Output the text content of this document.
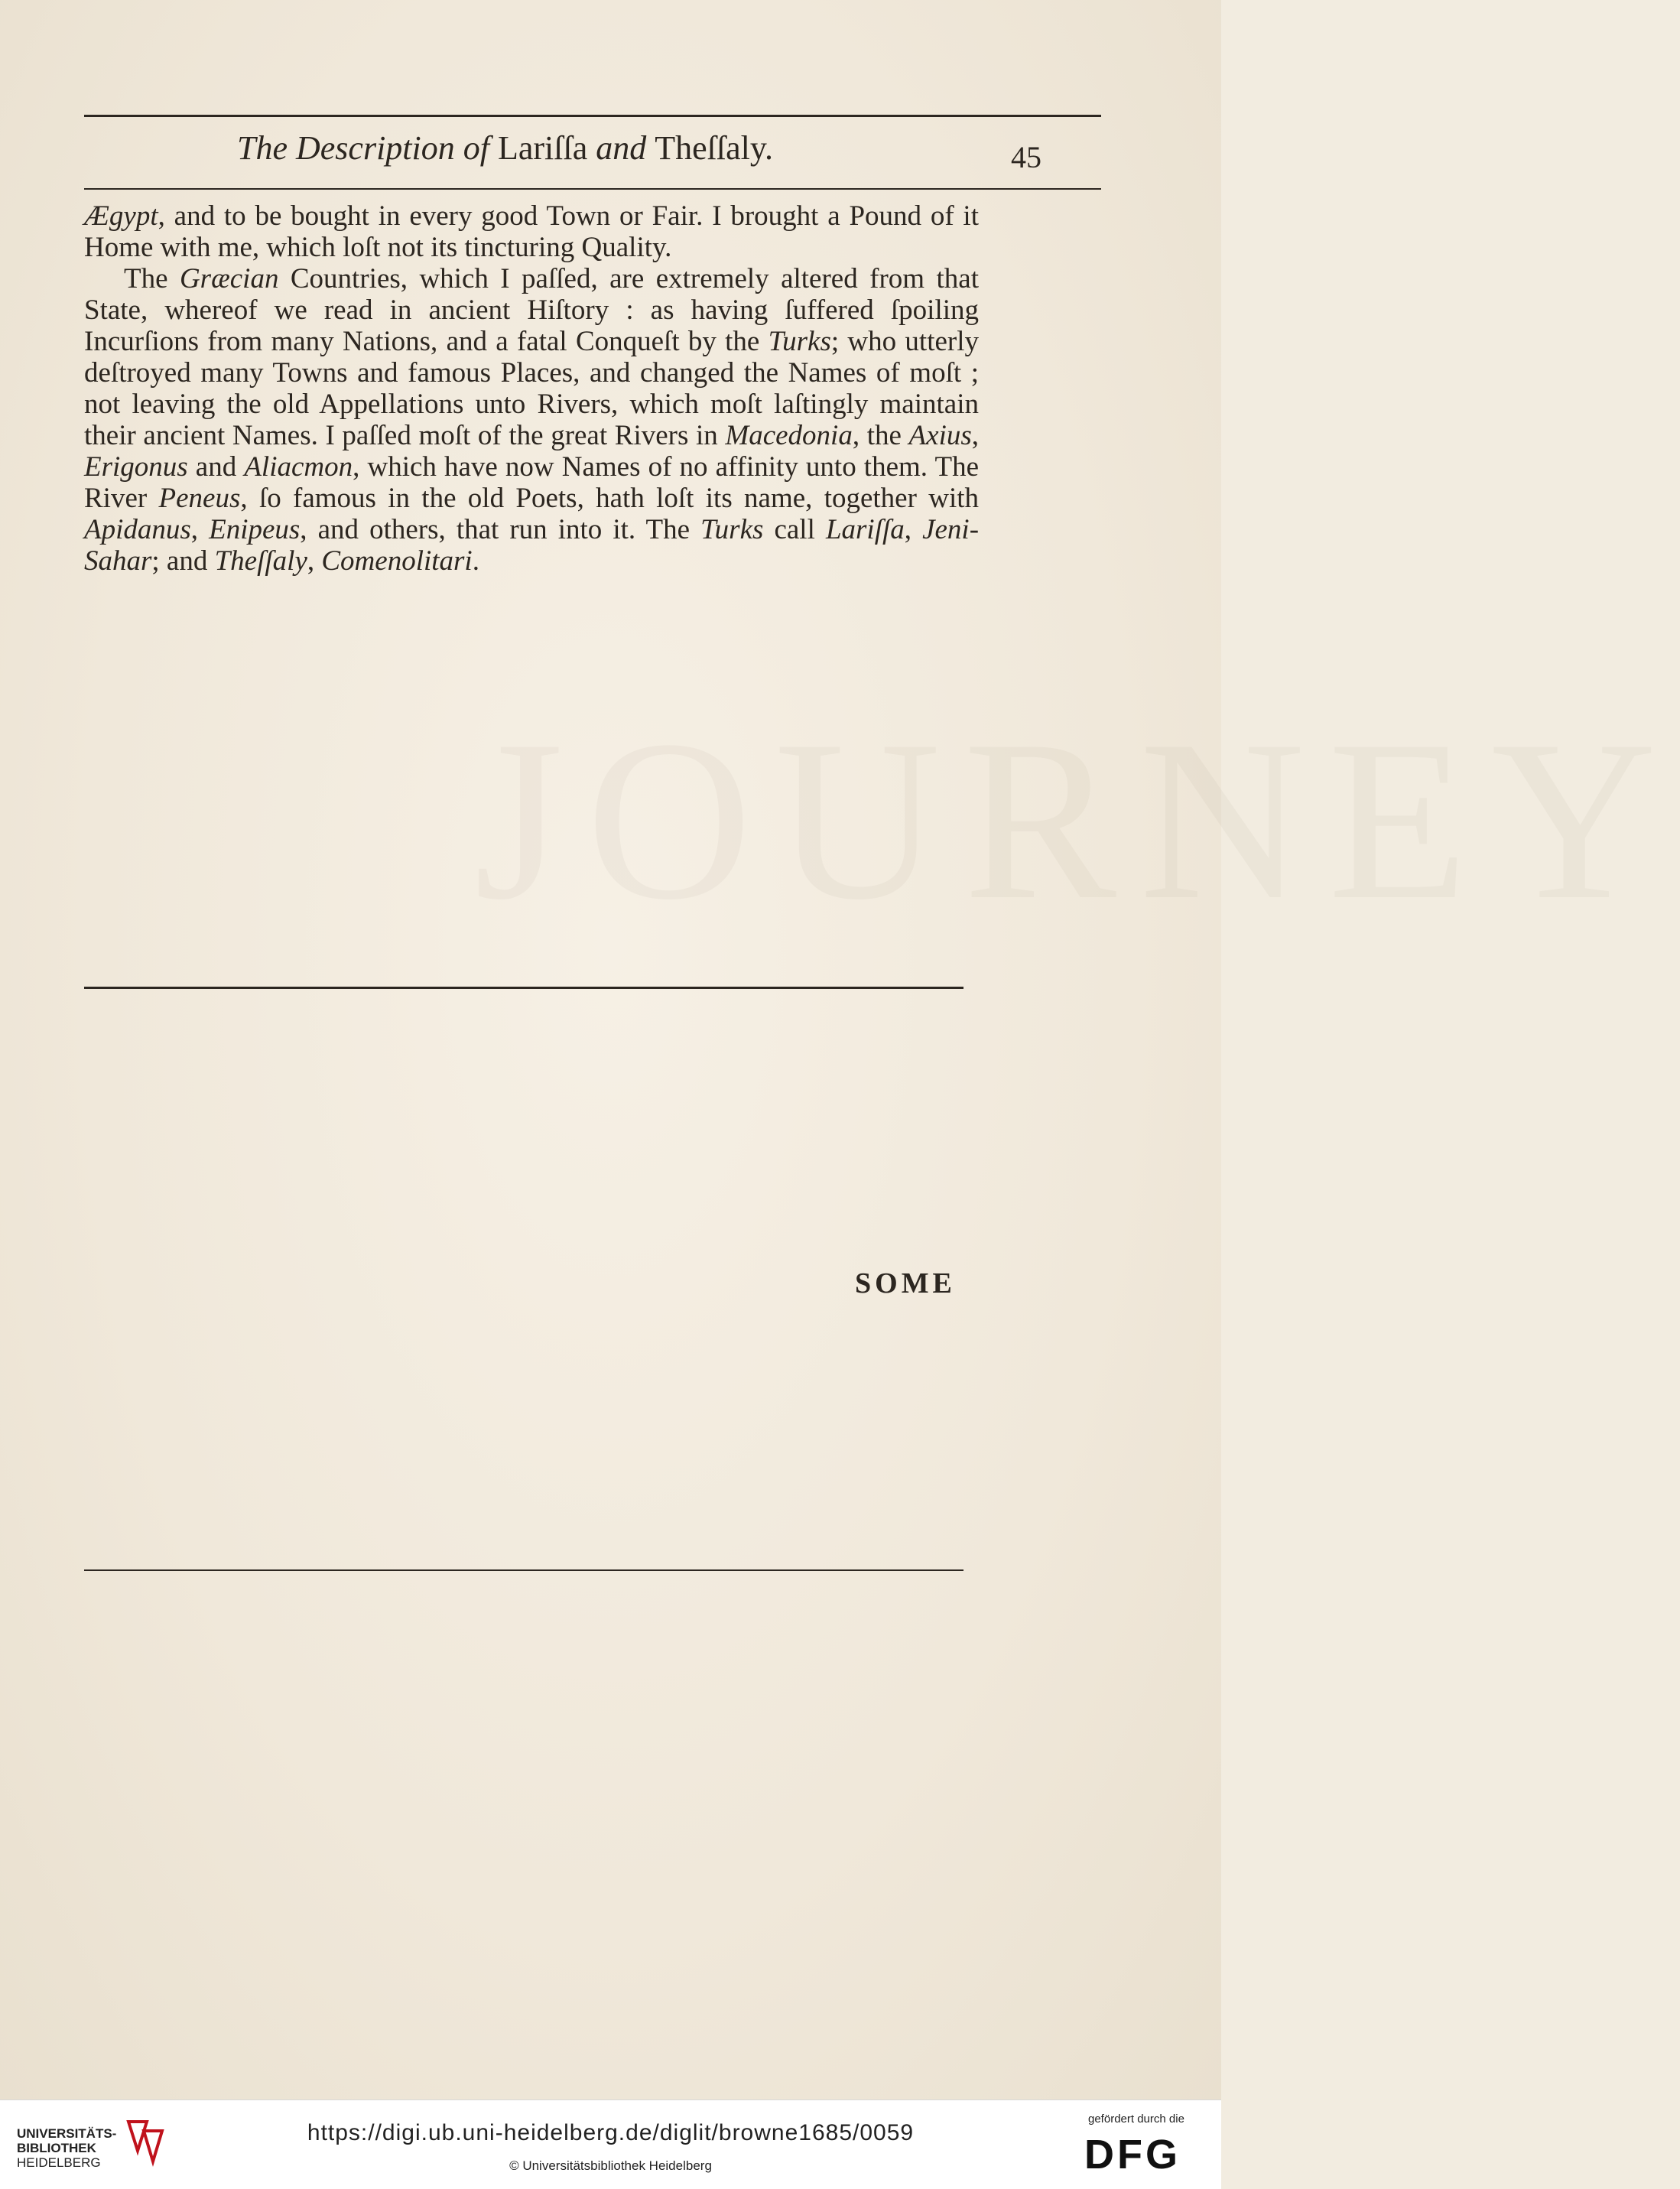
JOURNEY
The Description of Lariſſa and Theſſaly.	45

Ægypt, and to be bought in every good Town or Fair. I brought a Pound of it Home with me, which loſt not its tincturing Quality.

The Græcian Countries, which I paſſed, are extremely altered from that State, whereof we read in ancient Hiſtory : as having ſuffered ſpoiling Incurſions from many Nations, and a fatal Conqueſt by the Turks; who utterly deſtroyed many Towns and famous Places, and changed the Names of moſt ; not leaving the old Appellations unto Rivers, which moſt laſtingly maintain their ancient Names. I paſſed moſt of the great Rivers in Macedonia, the Axius, Erigonus and Aliacmon, which have now Names of no affinity unto them. The River Peneus, ſo famous in the old Poets, hath loſt its name, together with Apidanus, Enipeus, and others, that run into it. The Turks call Lariſſa, Jeni-Sahar; and Theſſaly, Comenolitari.

SOME
UNIVERSITÄTS-
BIBLIOTHEK
HEIDELBERG
https://digi.ub.uni-heidelberg.de/diglit/browne1685/0059
© Universitätsbibliothek Heidelberg
gefördert durch die
DFG
